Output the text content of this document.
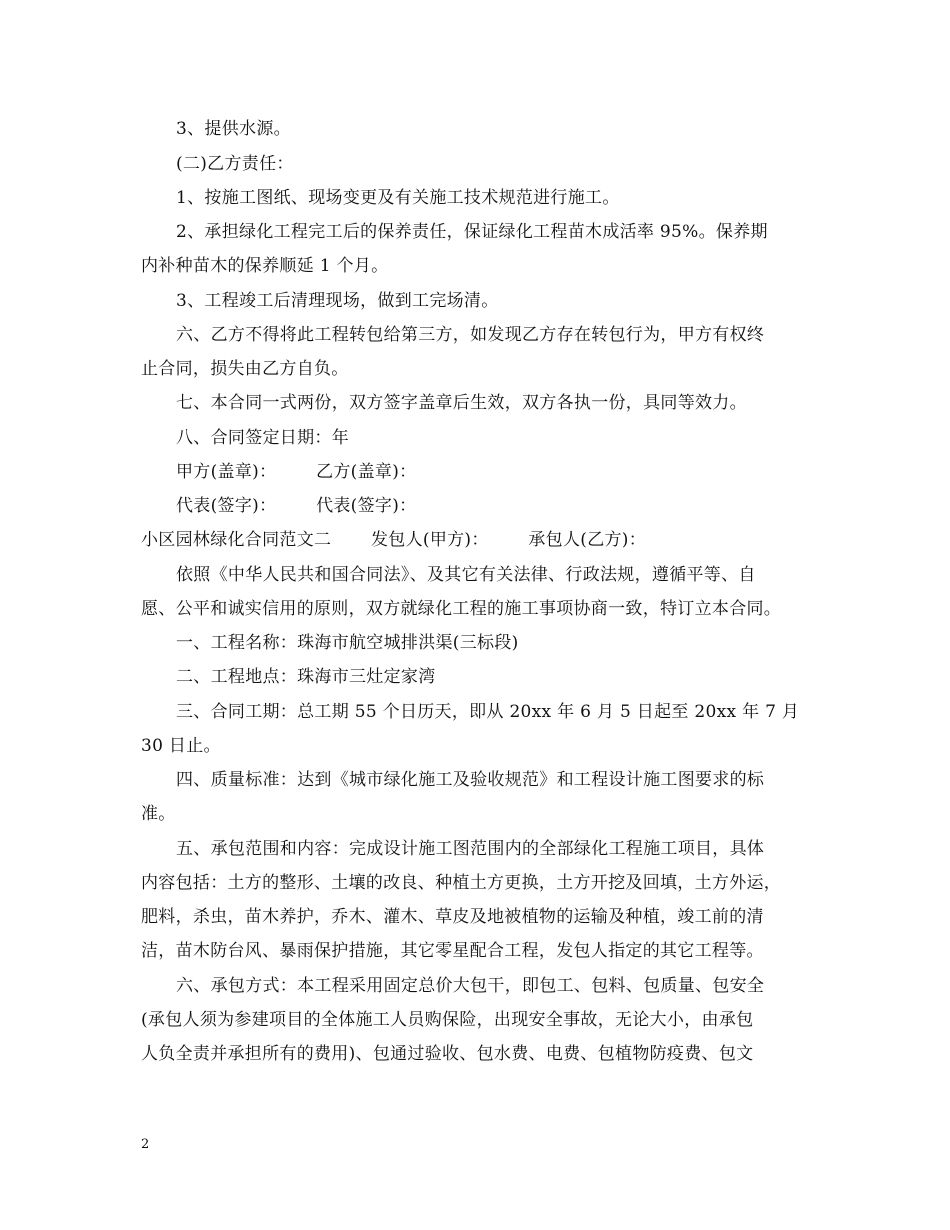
3、提供水源。
(二)乙方责任：
1、按施工图纸、现场变更及有关施工技术规范进行施工。
2、承担绿化工程完工后的保养责任，保证绿化工程苗木成活率 95%。保养期
内补种苗木的保养顺延 1 个月。
3、工程竣工后清理现场，做到工完场清。
六、乙方不得将此工程转包给第三方，如发现乙方存在转包行为，甲方有权终
止合同，损失由乙方自负。
七、本合同一式两份，双方签字盖章后生效，双方各执一份，具同等效力。
八、合同签定日期：年
甲方(盖章)： 乙方(盖章)：
代表(签字)： 代表(签字)：
小区园林绿化合同范文二 发包人(甲方)： 承包人(乙方)：
依照《中华人民共和国合同法》、及其它有关法律、行政法规，遵循平等、自
愿、公平和诚实信用的原则，双方就绿化工程的施工事项协商一致，特订立本合同。
一、工程名称：珠海市航空城排洪渠(三标段)
二、工程地点：珠海市三灶定家湾
三、合同工期：总工期 55 个日历天，即从 20xx 年 6 月 5 日起至 20xx 年 7 月
30 日止。
四、质量标准：达到《城市绿化施工及验收规范》和工程设计施工图要求的标
准。
五、承包范围和内容：完成设计施工图范围内的全部绿化工程施工项目，具体
内容包括：土方的整形、土壤的改良、种植土方更换，土方开挖及回填，土方外运，
肥料，杀虫，苗木养护，乔木、灌木、草皮及地被植物的运输及种植，竣工前的清
洁，苗木防台风、暴雨保护措施，其它零星配合工程，发包人指定的其它工程等。
六、承包方式：本工程采用固定总价大包干，即包工、包料、包质量、包安全
(承包人须为参建项目的全体施工人员购保险，出现安全事故，无论大小，由承包
人负全责并承担所有的费用)、包通过验收、包水费、电费、包植物防疫费、包文
2
